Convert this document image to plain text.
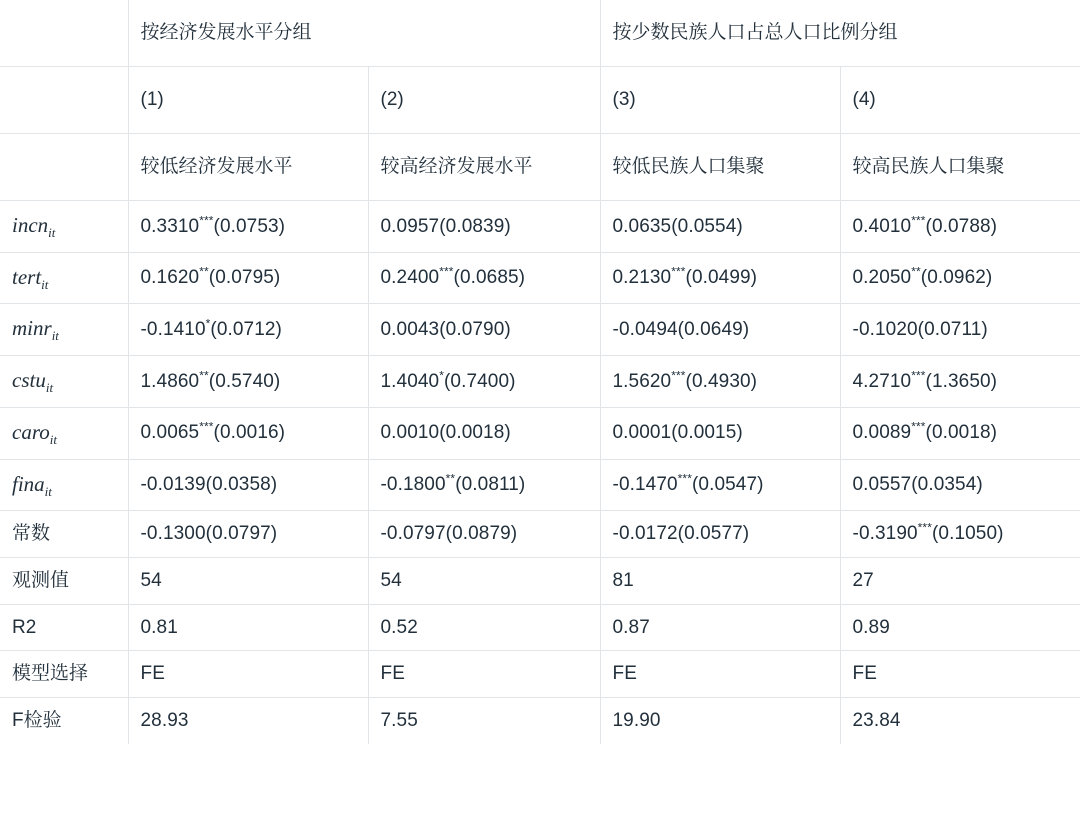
	按经济发展水平分组		按少数民族人口占总人口比例分组	
	(1)	(2)	(3)	(4)
	较低经济发展水平	较高经济发展水平	较低民族人口集聚	较高民族人口集聚
incn$_{it}$	0.3310***(0.0753)	0.0957(0.0839)	0.0635(0.0554)	0.4010***(0.0788)
tert$_{it}$	0.1620**(0.0795)	0.2400***(0.0685)	0.2130***(0.0499)	0.2050**(0.0962)
minr$_{it}$	-0.1410*(0.0712)	0.0043(0.0790)	-0.0494(0.0649)	-0.1020(0.0711)
cstu$_{it}$	1.4860**(0.5740)	1.4040*(0.7400)	1.5620***(0.4930)	4.2710***(1.3650)
caro$_{it}$	0.0065***(0.0016)	0.0010(0.0018)	0.0001(0.0015)	0.0089***(0.0018)
fina$_{it}$	-0.0139(0.0358)	-0.1800**(0.0811)	-0.1470***(0.0547)	0.0557(0.0354)
常数	-0.1300(0.0797)	-0.0797(0.0879)	-0.0172(0.0577)	-0.3190***(0.1050)
观测值	54	54	81	27
R2	0.81	0.52	0.87	0.89
模型选择	FE	FE	FE	FE
F检验	28.93	7.55	19.90	23.84
